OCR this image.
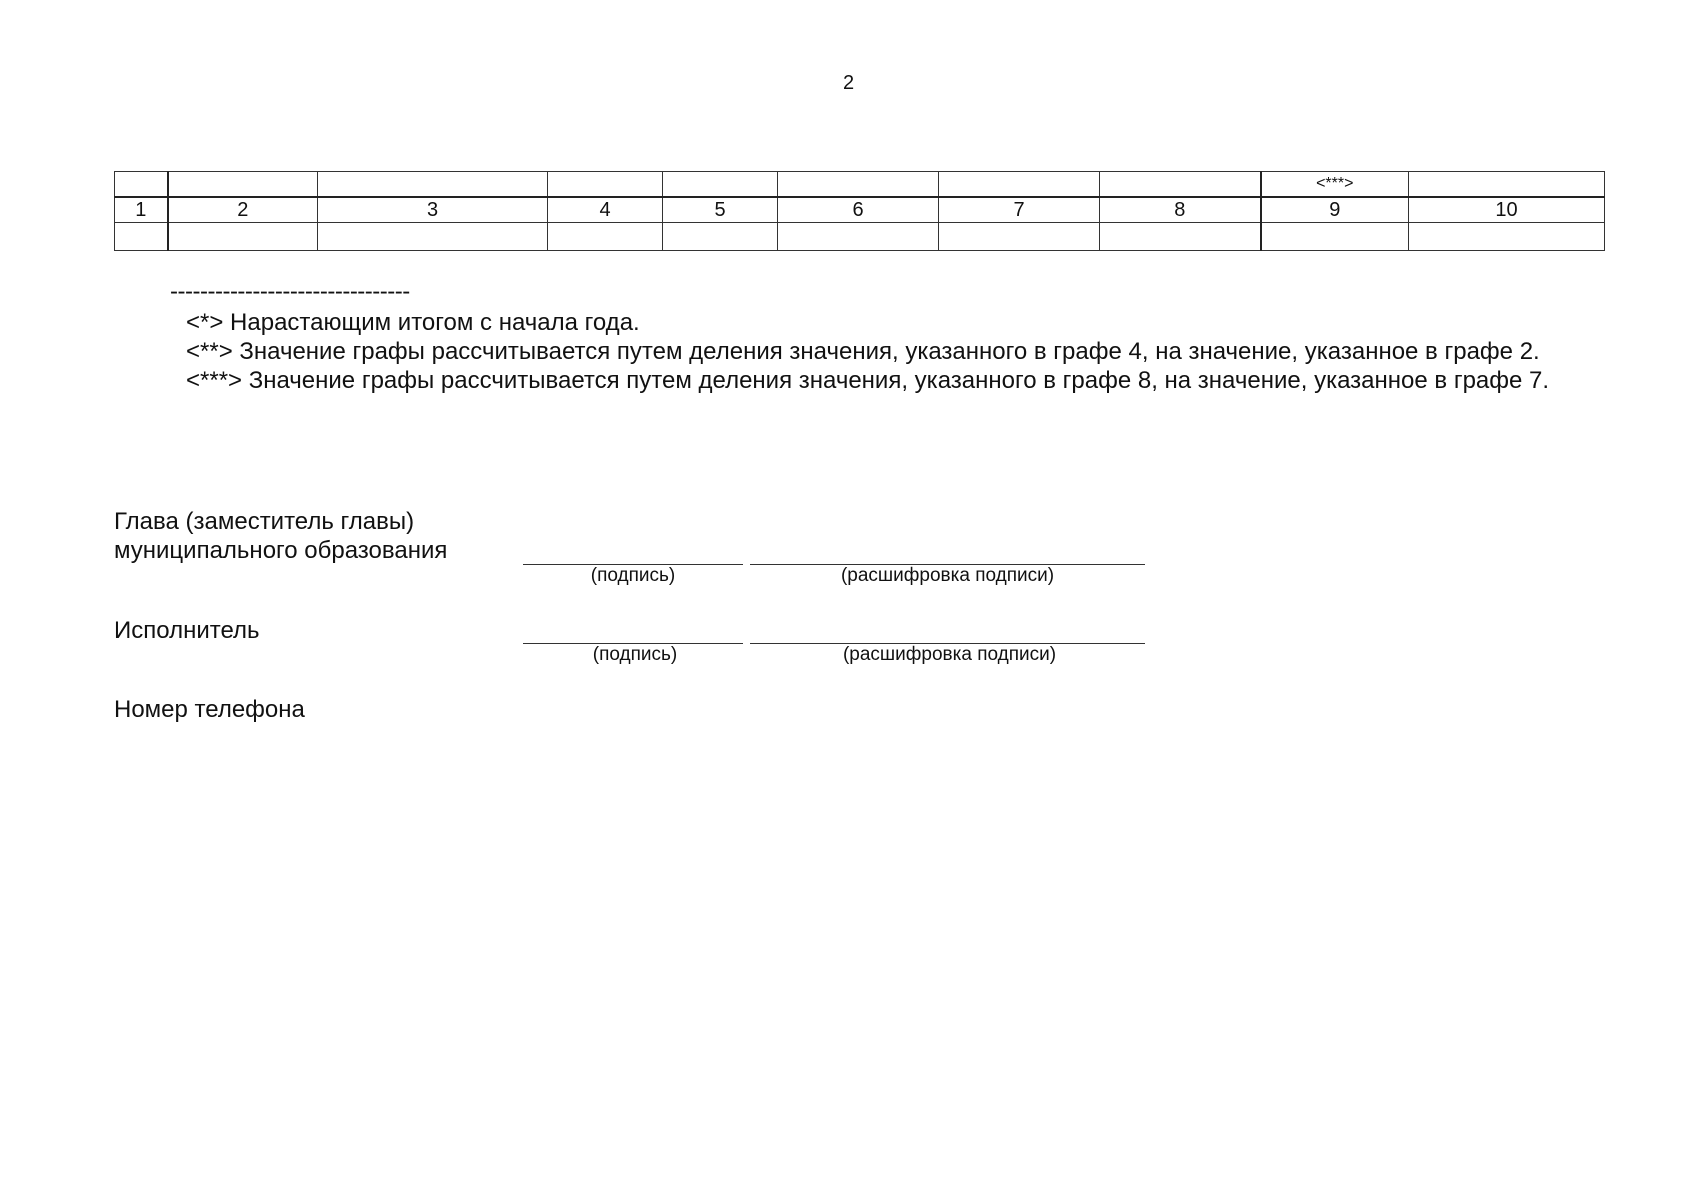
2
								<***>	
1	2	3	4	5	6	7	8	9	10

--------------------------------

<*> Нарастающим итогом с начала года.

<**> Значение графы рассчитывается путем деления значения, указанного в графе 4, на значение, указанное в графе 2.

<***> Значение графы рассчитывается путем деления значения, указанного в графе 8, на значение, указанное в графе 7.

Глава (заместитель главы)
муниципального образования
(подпись)	(расшифровка подписи)
Исполнитель
(подпись)	(расшифровка подписи)
Номер телефона
